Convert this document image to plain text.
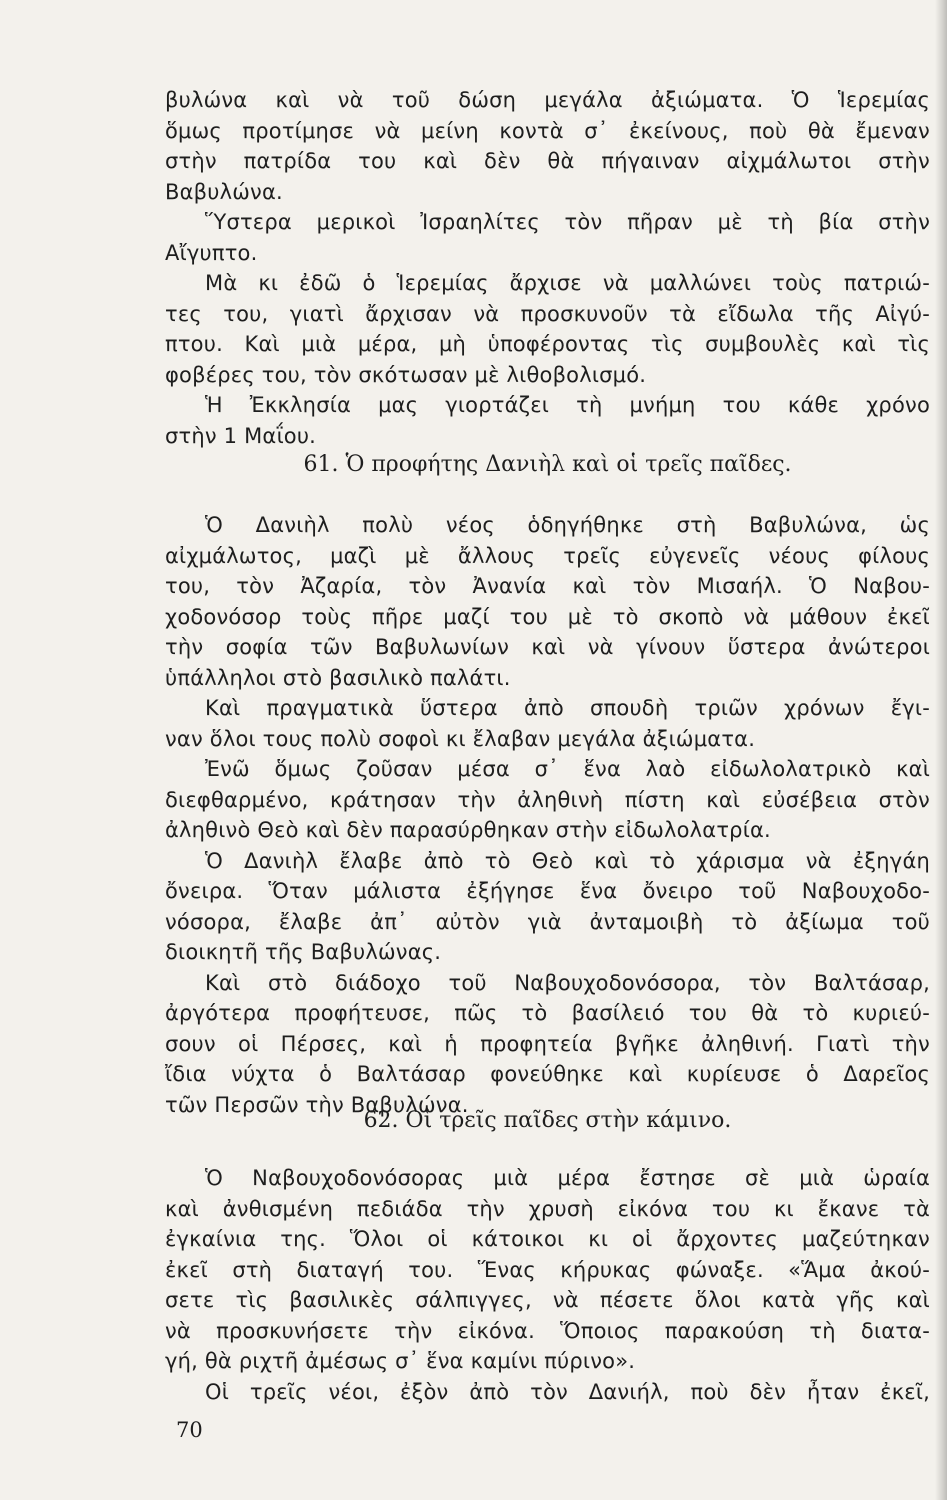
βυλώνα καὶ νὰ τοῦ δώση μεγάλα ἀξιώματα. Ὁ Ἱερεμίας
ὅμως προτίμησε νὰ μείνη κοντὰ σ᾿ ἐκείνους, ποὺ θὰ ἔμεναν
στὴν πατρίδα του καὶ δὲν θὰ πήγαιναν αἰχμάλωτοι στὴν
Βαβυλώνα.
Ὕστερα μερικοὶ Ἰσραηλίτες τὸν πῆραν μὲ τὴ βία στὴν
Αἴγυπτο.
Μὰ κι ἐδῶ ὁ Ἱερεμίας ἄρχισε νὰ μαλλώνει τοὺς πατριώ-
τες του, γιατὶ ἄρχισαν νὰ προσκυνοῦν τὰ εἴδωλα τῆς Αἰγύ-
πτου. Καὶ μιὰ μέρα, μὴ ὑποφέροντας τὶς συμβουλὲς καὶ τὶς
φοβέρες του, τὸν σκότωσαν μὲ λιθοβολισμό.
Ἡ Ἐκκλησία μας γιορτάζει τὴ μνήμη του κάθε χρόνο
στὴν 1 Μαΐου.
61. Ὁ προφήτης Δανιὴλ καὶ οἱ τρεῖς παῖδες.
Ὁ Δανιὴλ πολὺ νέος ὁδηγήθηκε στὴ Βαβυλώνα, ὡς
αἰχμάλωτος, μαζὶ μὲ ἄλλους τρεῖς εὐγενεῖς νέους φίλους
του, τὸν Ἀζαρία, τὸν Ἀνανία καὶ τὸν Μισαήλ. Ὁ Ναβου-
χοδονόσορ τοὺς πῆρε μαζί του μὲ τὸ σκοπὸ νὰ μάθουν ἐκεῖ
τὴν σοφία τῶν Βαβυλωνίων καὶ νὰ γίνουν ὕστερα ἀνώτεροι
ὑπάλληλοι στὸ βασιλικὸ παλάτι.
Καὶ πραγματικὰ ὕστερα ἀπὸ σπουδὴ τριῶν χρόνων ἔγι-
ναν ὅλοι τους πολὺ σοφοὶ κι ἔλαβαν μεγάλα ἀξιώματα.
Ἐνῶ ὅμως ζοῦσαν μέσα σ᾿ ἕνα λαὸ εἰδωλολατρικὸ καὶ
διεφθαρμένο, κράτησαν τὴν ἀληθινὴ πίστη καὶ εὐσέβεια στὸν
ἀληθινὸ Θεὸ καὶ δὲν παρασύρθηκαν στὴν εἰδωλολατρία.
Ὁ Δανιὴλ ἔλαβε ἀπὸ τὸ Θεὸ καὶ τὸ χάρισμα νὰ ἐξηγάη
ὄνειρα. Ὅταν μάλιστα ἐξήγησε ἕνα ὄνειρο τοῦ Ναβουχοδο-
νόσορα, ἔλαβε ἀπ᾿ αὐτὸν γιὰ ἀνταμοιβὴ τὸ ἀξίωμα τοῦ
διοικητῆ τῆς Βαβυλώνας.
Καὶ στὸ διάδοχο τοῦ Ναβουχοδονόσορα, τὸν Βαλτάσαρ,
ἀργότερα προφήτευσε, πῶς τὸ βασίλειό του θὰ τὸ κυριεύ-
σουν οἱ Πέρσες, καὶ ἡ προφητεία βγῆκε ἀληθινή. Γιατὶ τὴν
ἴδια νύχτα ὁ Βαλτάσαρ φονεύθηκε καὶ κυρίευσε ὁ Δαρεῖος
τῶν Περσῶν τὴν Βαβυλώνα.
62. Οἱ τρεῖς παῖδες στὴν κάμινο.
Ὁ Ναβουχοδονόσορας μιὰ μέρα ἔστησε σὲ μιὰ ὡραία
καὶ ἀνθισμένη πεδιάδα τὴν χρυσὴ εἰκόνα του κι ἔκανε τὰ
ἐγκαίνια της. Ὅλοι οἱ κάτοικοι κι οἱ ἄρχοντες μαζεύτηκαν
ἐκεῖ στὴ διαταγή του. Ἕνας κήρυκας φώναξε. «Ἅμα ἀκού-
σετε τὶς βασιλικὲς σάλπιγγες, νὰ πέσετε ὅλοι κατὰ γῆς καὶ
νὰ προσκυνήσετε τὴν εἰκόνα. Ὅποιος παρακούση τὴ διατα-
γή, θὰ ριχτῆ ἀμέσως σ᾿ ἕνα καμίνι πύρινο».
Οἱ τρεῖς νέοι, ἐξὸν ἀπὸ τὸν Δανιήλ, ποὺ δὲν ἦταν ἐκεῖ,
70
